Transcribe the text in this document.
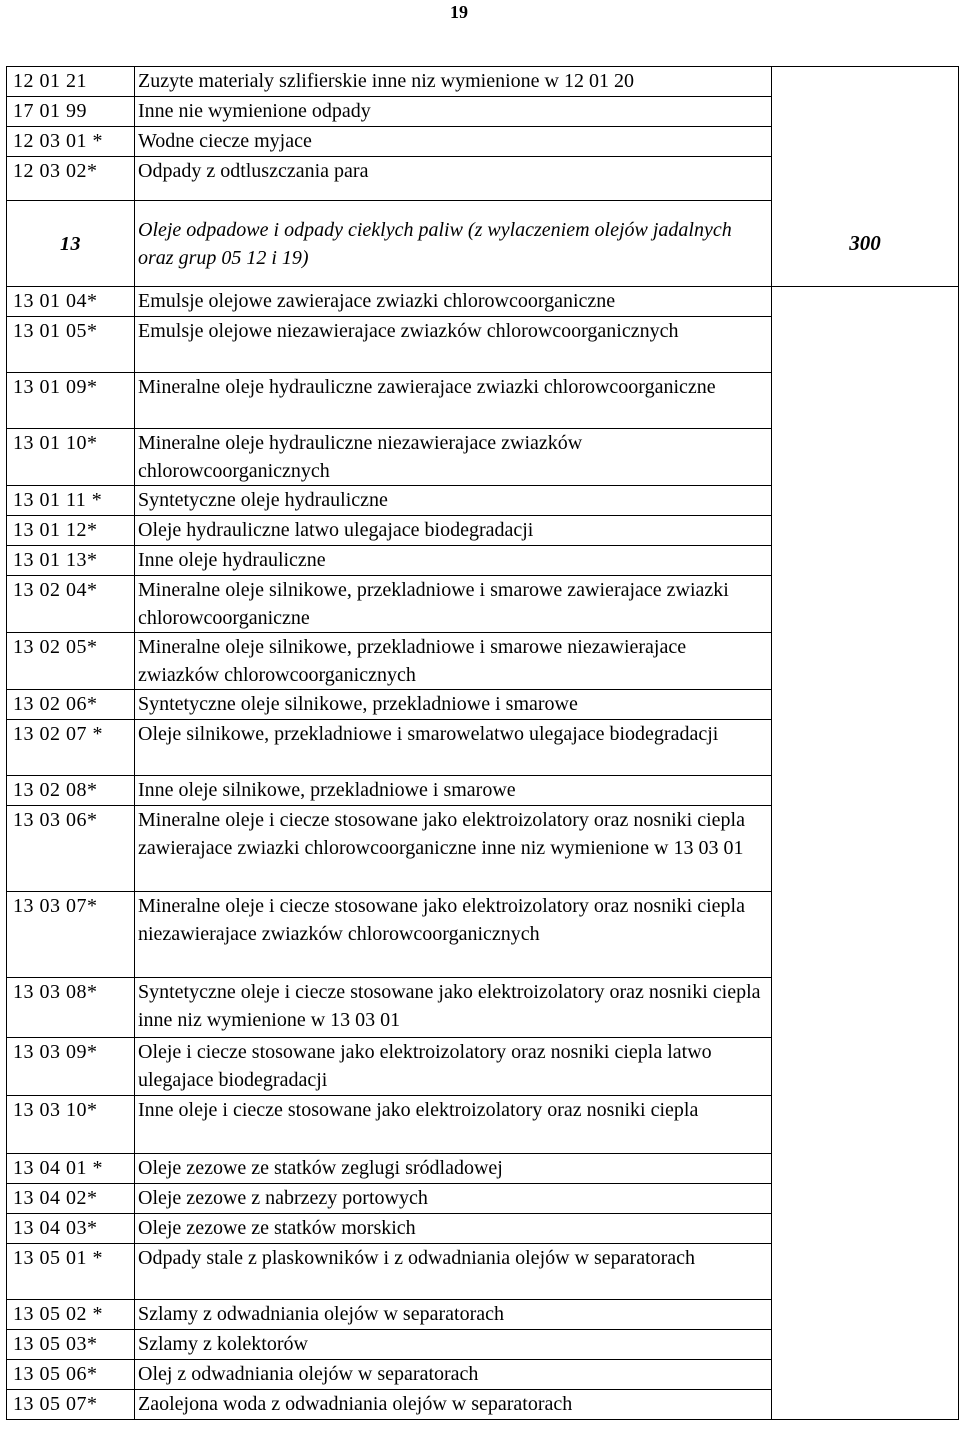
19
12 01 21	Zuzyte materialy szlifierskie inne niz wymienione w 12 01 20	
17 01 99	Inne nie wymienione odpady	
12 03 01 *	Wodne ciecze myjace	
12 03 02*	Odpady z odtluszczania para	
13	Oleje odpadowe i odpady cieklych paliw (z wylaczeniem olejów jadalnych oraz grup 05 12 i 19)	300
13 01 04*	Emulsje olejowe zawierajace zwiazki chlorowcoorganiczne	
13 01 05*	Emulsje olejowe niezawierajace zwiazków chlorowcoorganicznych	
13 01 09*	Mineralne oleje hydrauliczne zawierajace zwiazki chlorowcoorganiczne	
13 01 10*	Mineralne oleje hydrauliczne niezawierajace zwiazków chlorowcoorganicznych	
13 01 11 *	Syntetyczne oleje hydrauliczne	
13 01 12*	Oleje hydrauliczne latwo ulegajace biodegradacji	
13 01 13*	Inne oleje hydrauliczne	
13 02 04*	Mineralne oleje silnikowe, przekladniowe i smarowe zawierajace zwiazki chlorowcoorganiczne	
13 02 05*	Mineralne oleje silnikowe, przekladniowe i smarowe niezawierajace zwiazków chlorowcoorganicznych	
13 02 06*	Syntetyczne oleje silnikowe, przekladniowe i smarowe	
13 02 07 *	Oleje silnikowe, przekladniowe i smarowelatwo ulegajace biodegradacji	
13 02 08*	Inne oleje silnikowe, przekladniowe i smarowe	
13 03 06*	Mineralne oleje i ciecze stosowane jako elektroizolatory oraz nosniki ciepla zawierajace zwiazki chlorowcoorganiczne inne niz wymienione w 13 03 01	
13 03 07*	Mineralne oleje i ciecze stosowane jako elektroizolatory oraz nosniki ciepla niezawierajace zwiazków chlorowcoorganicznych	
13 03 08*	Syntetyczne oleje i ciecze stosowane jako elektroizolatory oraz nosniki ciepla inne niz wymienione w 13 03 01	
13 03 09*	Oleje i ciecze stosowane jako elektroizolatory oraz nosniki ciepla latwo ulegajace biodegradacji	
13 03 10*	Inne oleje i ciecze stosowane jako elektroizolatory oraz nosniki ciepla	
13 04 01 *	Oleje zezowe ze statków zeglugi sródladowej	
13 04 02*	Oleje zezowe z nabrzezy portowych	
13 04 03*	Oleje zezowe ze statków morskich	
13 05 01 *	Odpady stale z plaskowników i z odwadniania olejów w separatorach	
13 05 02 *	Szlamy z odwadniania olejów w separatorach	
13 05 03*	Szlamy z kolektorów	
13 05 06*	Olej z odwadniania olejów w separatorach	
13 05 07*	Zaolejona woda z odwadniania olejów w separatorach	
